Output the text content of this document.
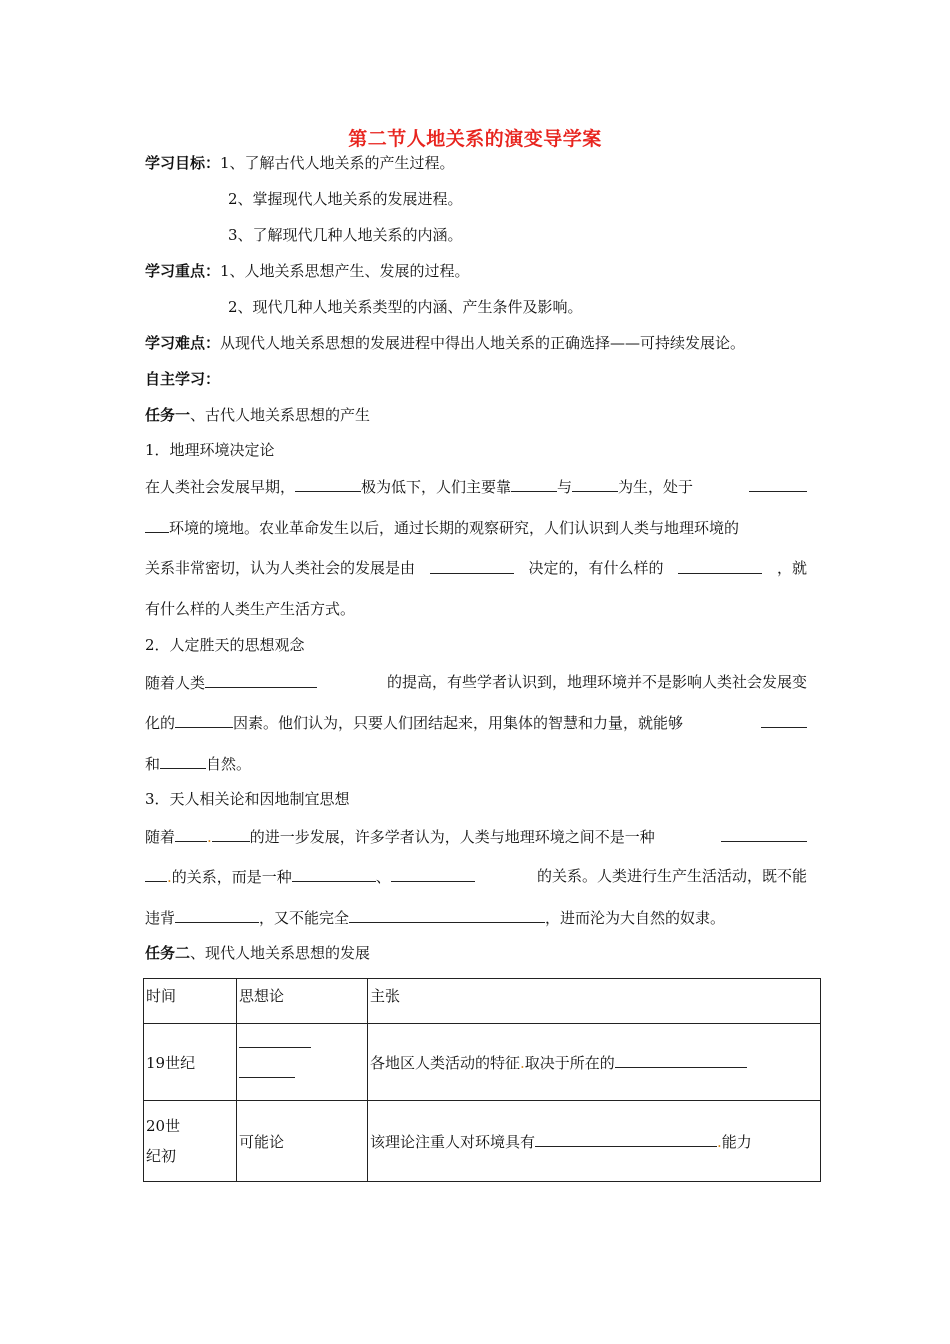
第二节人地关系的演变导学案
学习目标：1、了解古代人地关系的产生过程。
2、掌握现代人地关系的发展进程。
3、了解现代几种人地关系的内涵。
学习重点：1、人地关系思想产生、发展的过程。
2、现代几种人地关系类型的内涵、产生条件及影响。
学习难点：从现代人地关系思想的发展进程中得出人地关系的正确选择——可持续发展论。
自主学习：
任务一、古代人地关系思想的产生
1．地理环境决定论
在人类社会发展早期，	极为低下，人们主要靠	与	为生，处于
环境的境地。农业革命发生以后，通过长期的观察研究，人们认识到人类与地理环境的
关系非常密切，认为人类社会的发展是由	决定的，有什么样的	，就
有什么样的人类生产生活方式。
2．人定胜天的思想观念
随着人类	的提高，有些学者认识到，地理环境并不是影响人类社会发展变
化的	因素。他们认为，只要人们团结起来，用集体的智慧和力量，就能够
和	自然。
3．天人相关论和因地制宜思想
随着 .	的进一步发展，许多学者认为，人类与地理环境之间不是一种
.的关系，而是一种	、	的关系。人类进行生产生活活动，既不能
违背	，又不能完全	，进而沦为大自然的奴隶。
任务二、现代人地关系思想的发展
时间	思想论	主张
19世纪		各地区人类活动的特征.取决于所在的
20世
纪初	可能论	该理论注重人对环境具有 .能力
